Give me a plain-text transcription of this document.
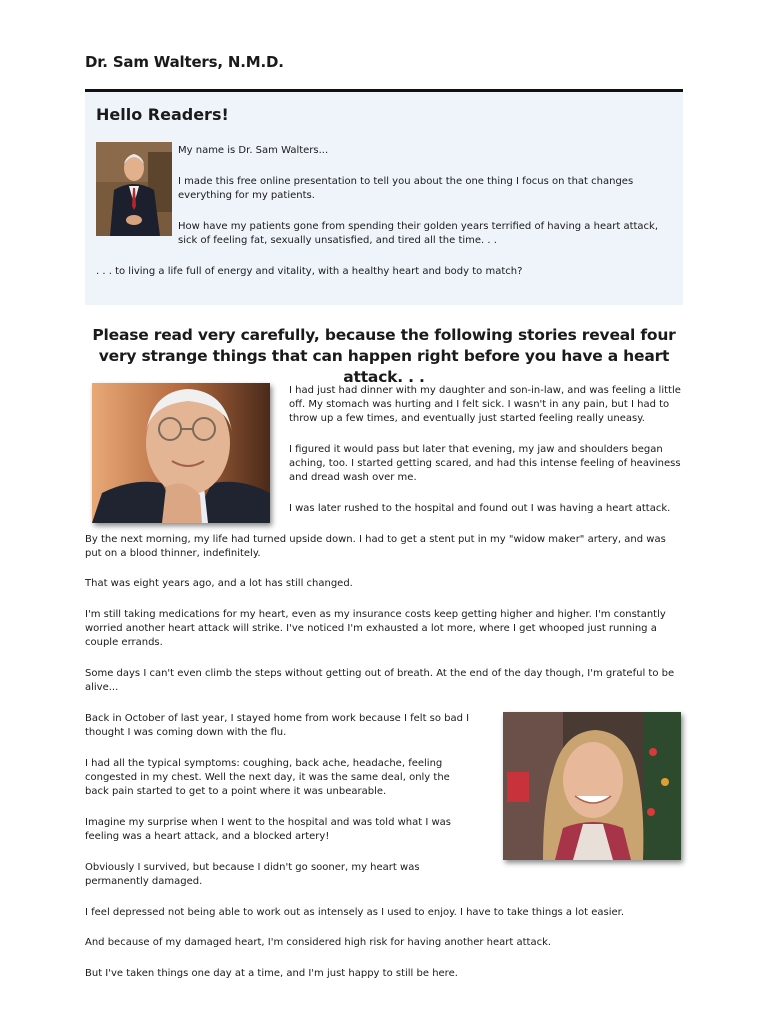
Dr. Sam Walters, N.M.D.
Hello Readers!
My name is Dr. Sam Walters...
I made this free online presentation to tell you about the one thing I focus on that changes everything for my patients.
How have my patients gone from spending their golden years terrified of having a heart attack, sick of feeling fat, sexually unsatisfied, and tired all the time. . .
. . . to living a life full of energy and vitality, with a healthy heart and body to match?
Please read very carefully, because the following stories reveal four very strange things that can happen right before you have a heart attack. . .

I had just had dinner with my daughter and son-in-law, and was feeling a little off. My stomach was hurting and I felt sick. I wasn't in any pain, but I had to throw up a few times, and eventually just started feeling really uneasy.

I figured it would pass but later that evening, my jaw and shoulders began aching, too. I started getting scared, and had this intense feeling of heaviness and dread wash over me.

I was later rushed to the hospital and found out I was having a heart attack.

By the next morning, my life had turned upside down. I had to get a stent put in my "widow maker" artery, and was put on a blood thinner, indefinitely.

That was eight years ago, and a lot has still changed.

I'm still taking medications for my heart, even as my insurance costs keep getting higher and higher. I'm constantly worried another heart attack will strike. I've noticed I'm exhausted a lot more, where I get whooped just running a couple errands.

Some days I can't even climb the steps without getting out of breath. At the end of the day though, I'm grateful to be alive...

Back in October of last year, I stayed home from work because I felt so bad I thought I was coming down with the flu.

I had all the typical symptoms: coughing, back ache, headache, feeling congested in my chest. Well the next day, it was the same deal, only the back pain started to get to a point where it was unbearable.

Imagine my surprise when I went to the hospital and was told what I was feeling was a heart attack, and a blocked artery!

Obviously I survived, but because I didn't go sooner, my heart was permanently damaged.

I feel depressed not being able to work out as intensely as I used to enjoy. I have to take things a lot easier.

And because of my damaged heart, I'm considered high risk for having another heart attack.

But I've taken things one day at a time, and I'm just happy to still be here.
